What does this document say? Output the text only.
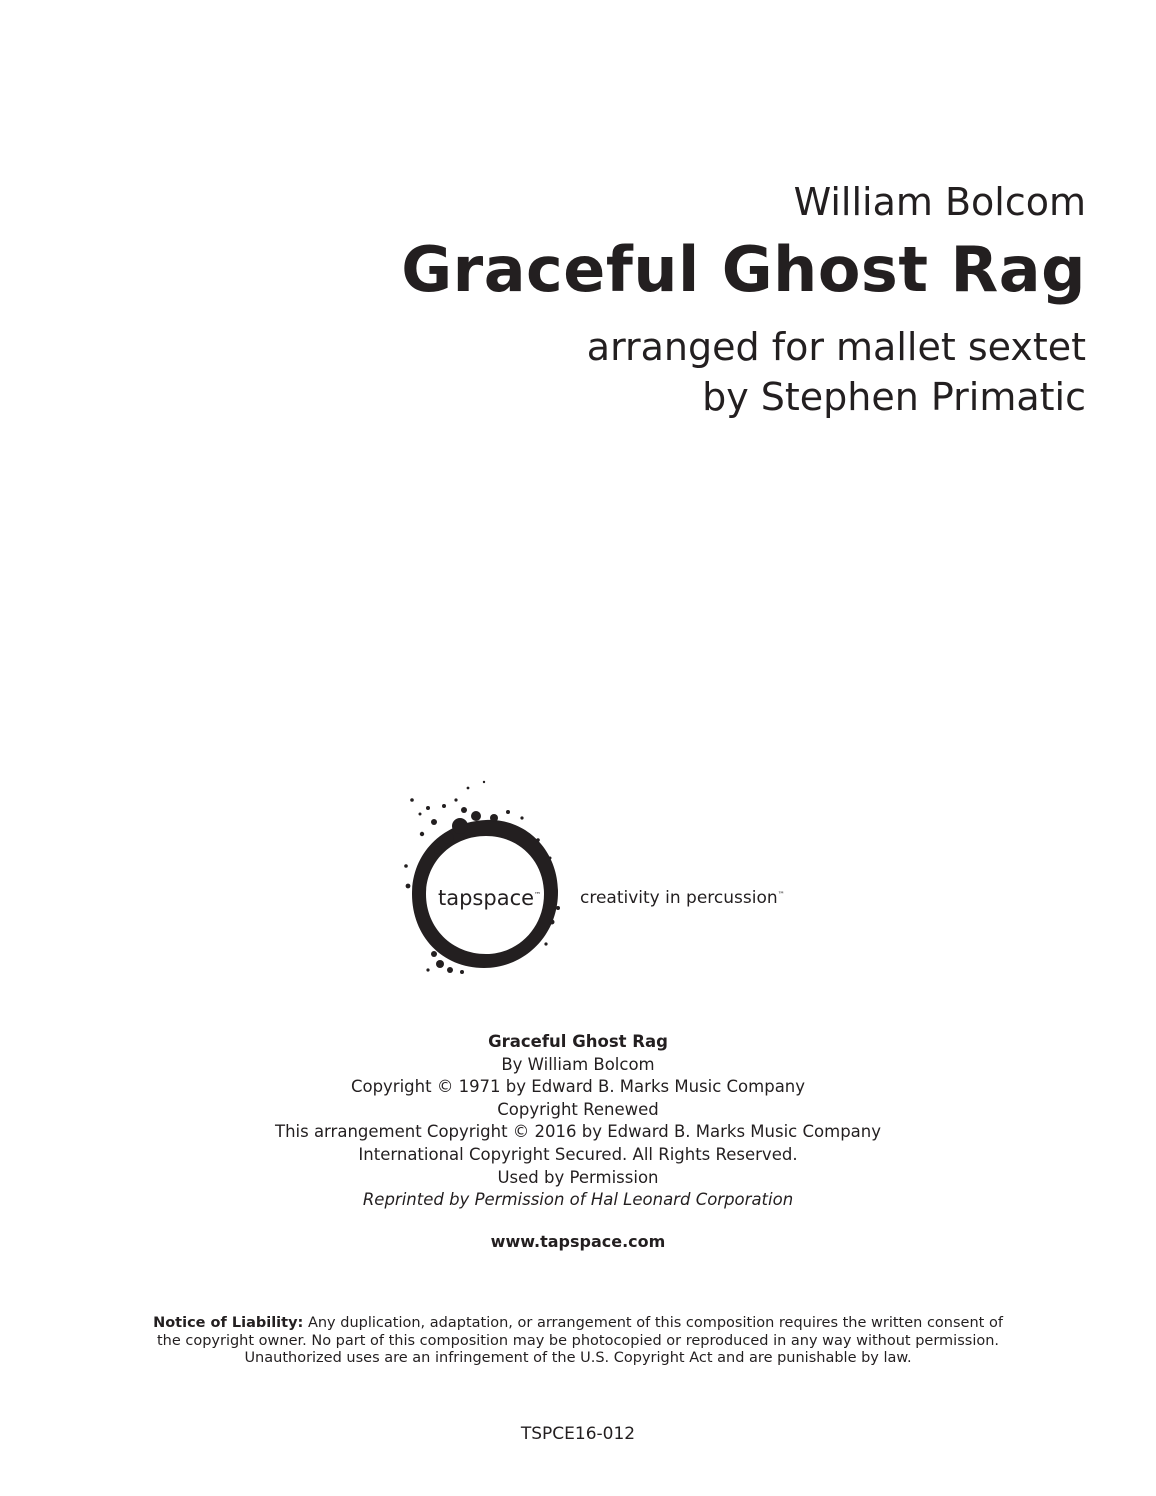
William Bolcom
Graceful Ghost Rag
arranged for mallet sextet
by Stephen Primatic
tapspace™ creativity in percussion™
Graceful Ghost Rag
By William Bolcom
Copyright © 1971 by Edward B. Marks Music Company
Copyright Renewed
This arrangement Copyright © 2016 by Edward B. Marks Music Company
International Copyright Secured. All Rights Reserved.
Used by Permission
Reprinted by Permission of Hal Leonard Corporation
www.tapspace.com
Notice of Liability: Any duplication, adaptation, or arrangement of this composition requires the written consent of
the copyright owner. No part of this composition may be photocopied or reproduced in any way without permission.
Unauthorized uses are an infringement of the U.S. Copyright Act and are punishable by law.
TSPCE16-012
